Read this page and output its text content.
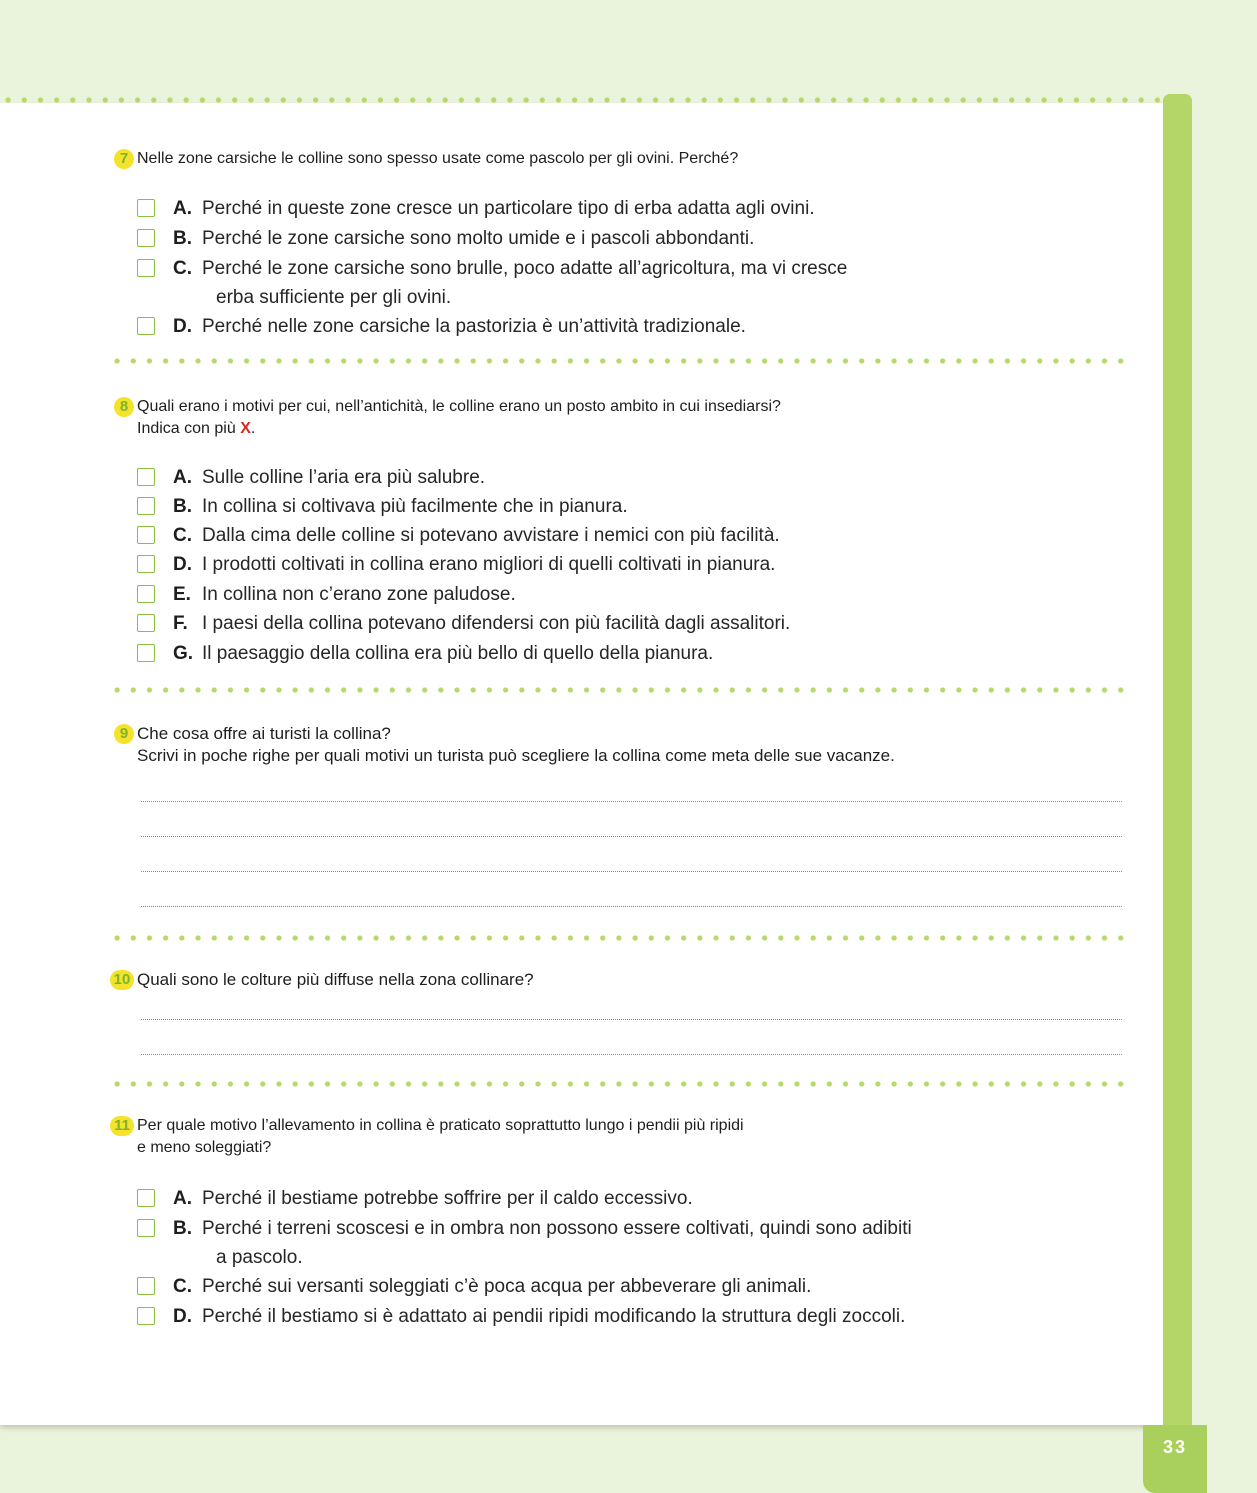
33
7 Nelle zone carsiche le colline sono spesso usate come pascolo per gli ovini. Perché?
A. Perché in queste zone cresce un particolare tipo di erba adatta agli ovini.
B. Perché le zone carsiche sono molto umide e i pascoli abbondanti.
C. Perché le zone carsiche sono brulle, poco adatte all’agricoltura, ma vi cresce
erba sufficiente per gli ovini.
D. Perché nelle zone carsiche la pastorizia è un’attività tradizionale.
8 Quali erano i motivi per cui, nell’antichità, le colline erano un posto ambito in cui insediarsi?
Indica con più X.
A. Sulle colline l’aria era più salubre.
B. In collina si coltivava più facilmente che in pianura.
C. Dalla cima delle colline si potevano avvistare i nemici con più facilità.
D. I prodotti coltivati in collina erano migliori di quelli coltivati in pianura.
E. In collina non c’erano zone paludose.
F. I paesi della collina potevano difendersi con più facilità dagli assalitori.
G. Il paesaggio della collina era più bello di quello della pianura.
9 Che cosa offre ai turisti la collina?
Scrivi in poche righe per quali motivi un turista può scegliere la collina come meta delle sue vacanze.
10 Quali sono le colture più diffuse nella zona collinare?
11 Per quale motivo l’allevamento in collina è praticato soprattutto lungo i pendii più ripidi
e meno soleggiati?
A. Perché il bestiame potrebbe soffrire per il caldo eccessivo.
B. Perché i terreni scoscesi e in ombra non possono essere coltivati, quindi sono adibiti
a pascolo.
C. Perché sui versanti soleggiati c’è poca acqua per abbeverare gli animali.
D. Perché il bestiamo si è adattato ai pendii ripidi modificando la struttura degli zoccoli.
